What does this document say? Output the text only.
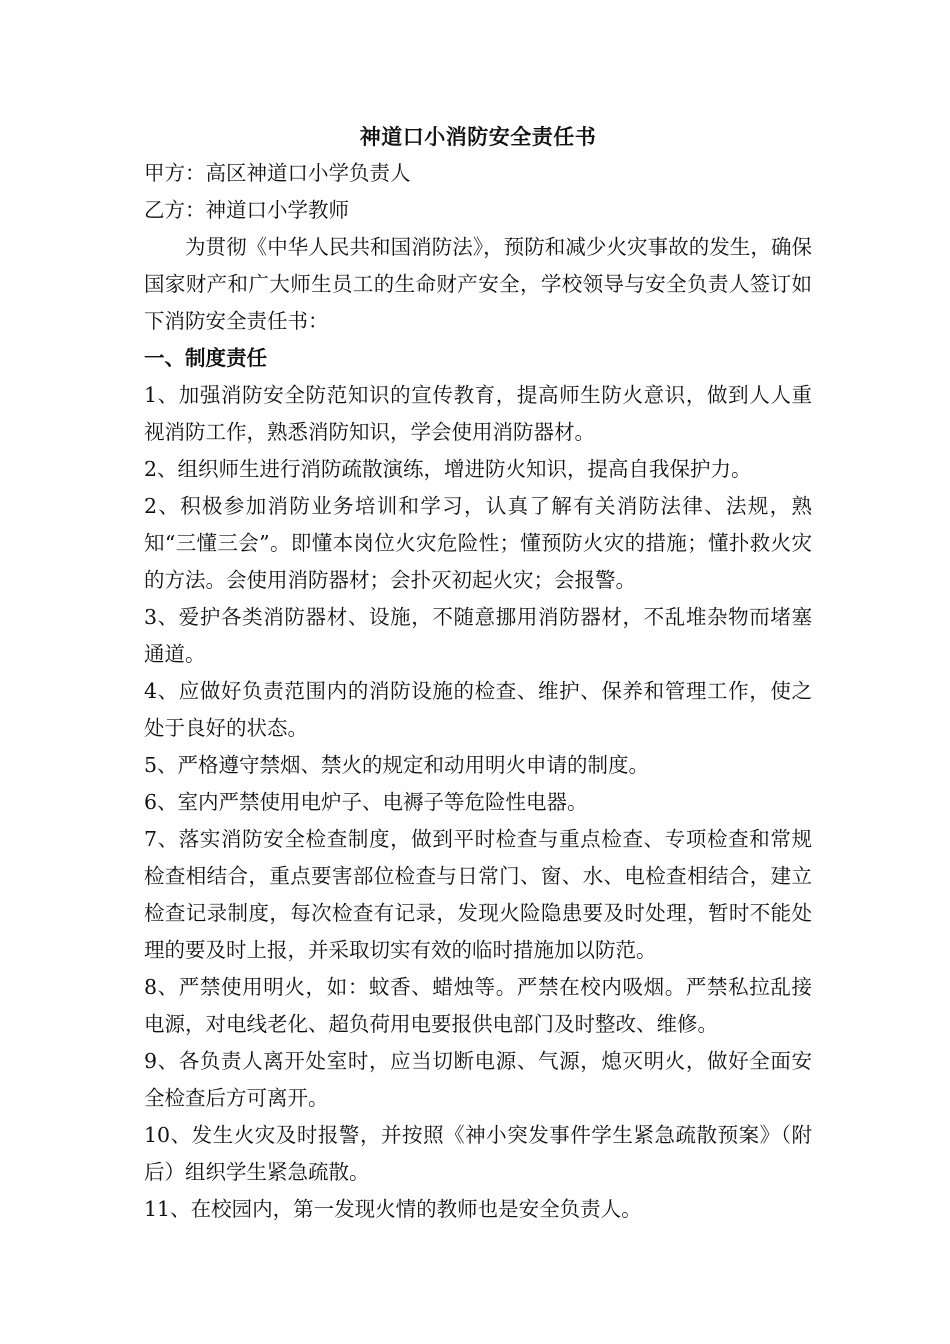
神道口小消防安全责任书

甲方：高区神道口小学负责人

乙方：神道口小学教师

为贯彻《中华人民共和国消防法》，预防和减少火灾事故的发生，确保国家财产和广大师生员工的生命财产安全，学校领导与安全负责人签订如下消防安全责任书：

一、制度责任

1、加强消防安全防范知识的宣传教育，提高师生防火意识，做到人人重视消防工作，熟悉消防知识，学会使用消防器材。

2、组织师生进行消防疏散演练，增进防火知识，提高自我保护力。

2、积极参加消防业务培训和学习，认真了解有关消防法律、法规，熟知“三懂三会”。即懂本岗位火灾危险性；懂预防火灾的措施；懂扑救火灾的方法。会使用消防器材；会扑灭初起火灾；会报警。

3、爱护各类消防器材、设施，不随意挪用消防器材，不乱堆杂物而堵塞通道。

4、应做好负责范围内的消防设施的检查、维护、保养和管理工作，使之处于良好的状态。

5、严格遵守禁烟、禁火的规定和动用明火申请的制度。

6、室内严禁使用电炉子、电褥子等危险性电器。

7、落实消防安全检查制度，做到平时检查与重点检查、专项检查和常规检查相结合，重点要害部位检查与日常门、窗、水、电检查相结合，建立检查记录制度，每次检查有记录，发现火险隐患要及时处理，暂时不能处理的要及时上报，并采取切实有效的临时措施加以防范。

8、严禁使用明火，如：蚊香、蜡烛等。严禁在校内吸烟。严禁私拉乱接电源，对电线老化、超负荷用电要报供电部门及时整改、维修。

9、各负责人离开处室时，应当切断电源、气源，熄灭明火，做好全面安全检查后方可离开。

10、发生火灾及时报警，并按照《神小突发事件学生紧急疏散预案》（附后）组织学生紧急疏散。

11、在校园内，第一发现火情的教师也是安全负责人。
